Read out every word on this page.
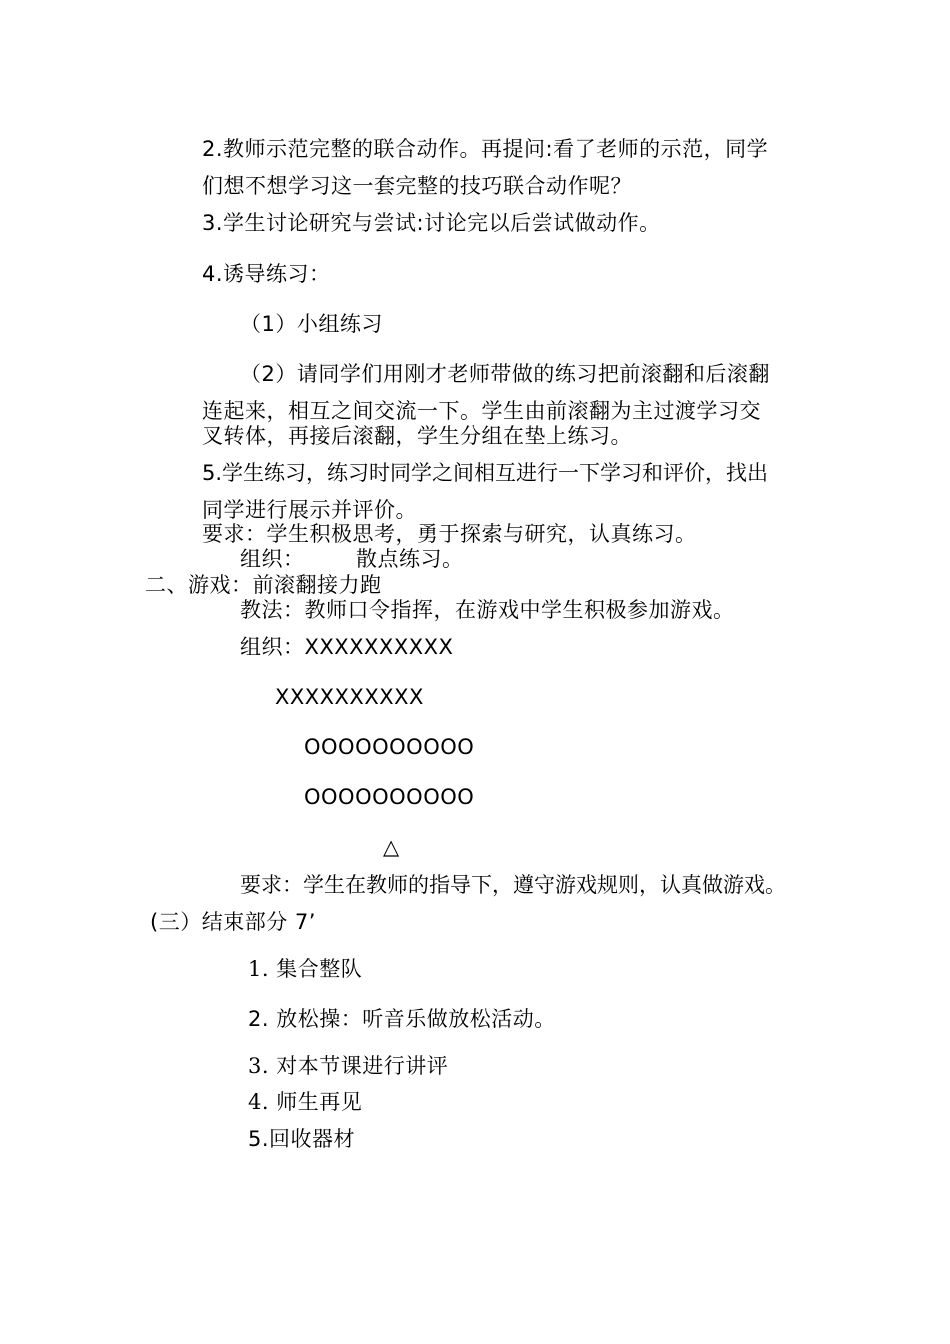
2.教师示范完整的联合动作。再提问:看了老师的示范，同学
们想不想学习这一套完整的技巧联合动作呢？
3.学生讨论研究与尝试:讨论完以后尝试做动作。
4.诱导练习：
（1）小组练习
（2）请同学们用刚才老师带做的练习把前滚翻和后滚翻
连起来，相互之间交流一下。学生由前滚翻为主过渡学习交
叉转体，再接后滚翻，学生分组在垫上练习。
5.学生练习，练习时同学之间相互进行一下学习和评价，找出
同学进行展示并评价。
要求：学生积极思考，勇于探索与研究，认真练习。
组织： 散点练习。
二、游戏：前滚翻接力跑
教法：教师口令指挥，在游戏中学生积极参加游戏。
组织：XXXXXXXXXX
XXXXXXXXXX
OOOOOOOOOO
OOOOOOOOOO
△
要求：学生在教师的指导下，遵守游戏规则，认真做游戏。
(三）结束部分 7’
1. 集合整队
2. 放松操：听音乐做放松活动。
3. 对本节课进行讲评
4. 师生再见
5.回收器材
